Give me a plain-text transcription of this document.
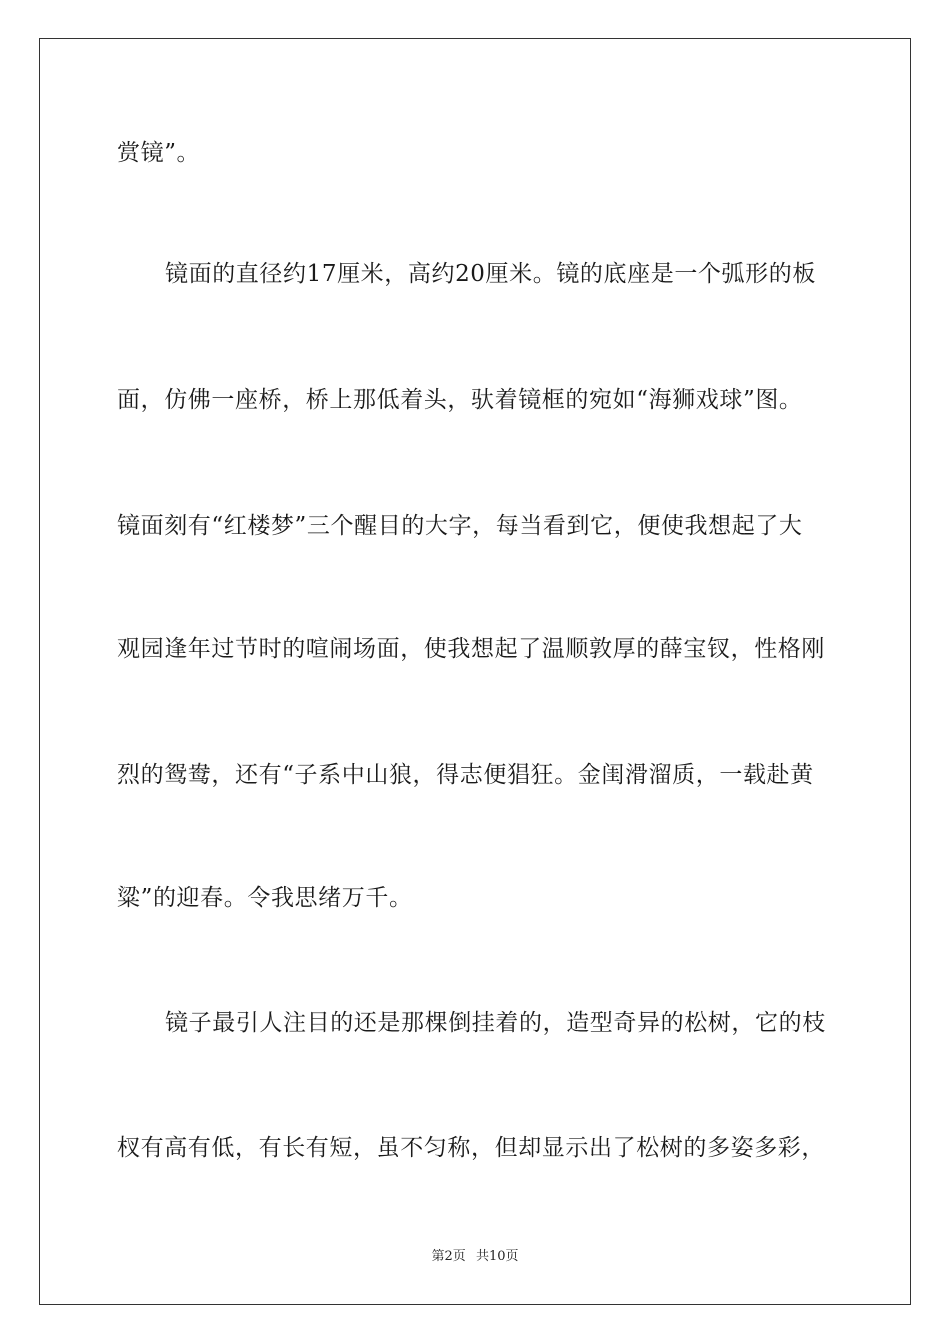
赏镜”。
镜面的直径约17厘米，高约20厘米。镜的底座是一个弧形的板
面，仿佛一座桥，桥上那低着头，驮着镜框的宛如“海狮戏球”图。
镜面刻有“红楼梦”三个醒目的大字，每当看到它，便使我想起了大
观园逢年过节时的喧闹场面，使我想起了温顺敦厚的薛宝钗，性格刚
烈的鸳鸯，还有“子系中山狼，得志便猖狂。金闺滑溜质，一载赴黄
粱”的迎春。令我思绪万千。
镜子最引人注目的还是那棵倒挂着的，造型奇异的松树，它的枝
杈有高有低，有长有短，虽不匀称，但却显示出了松树的多姿多彩，
第2页 共10页
